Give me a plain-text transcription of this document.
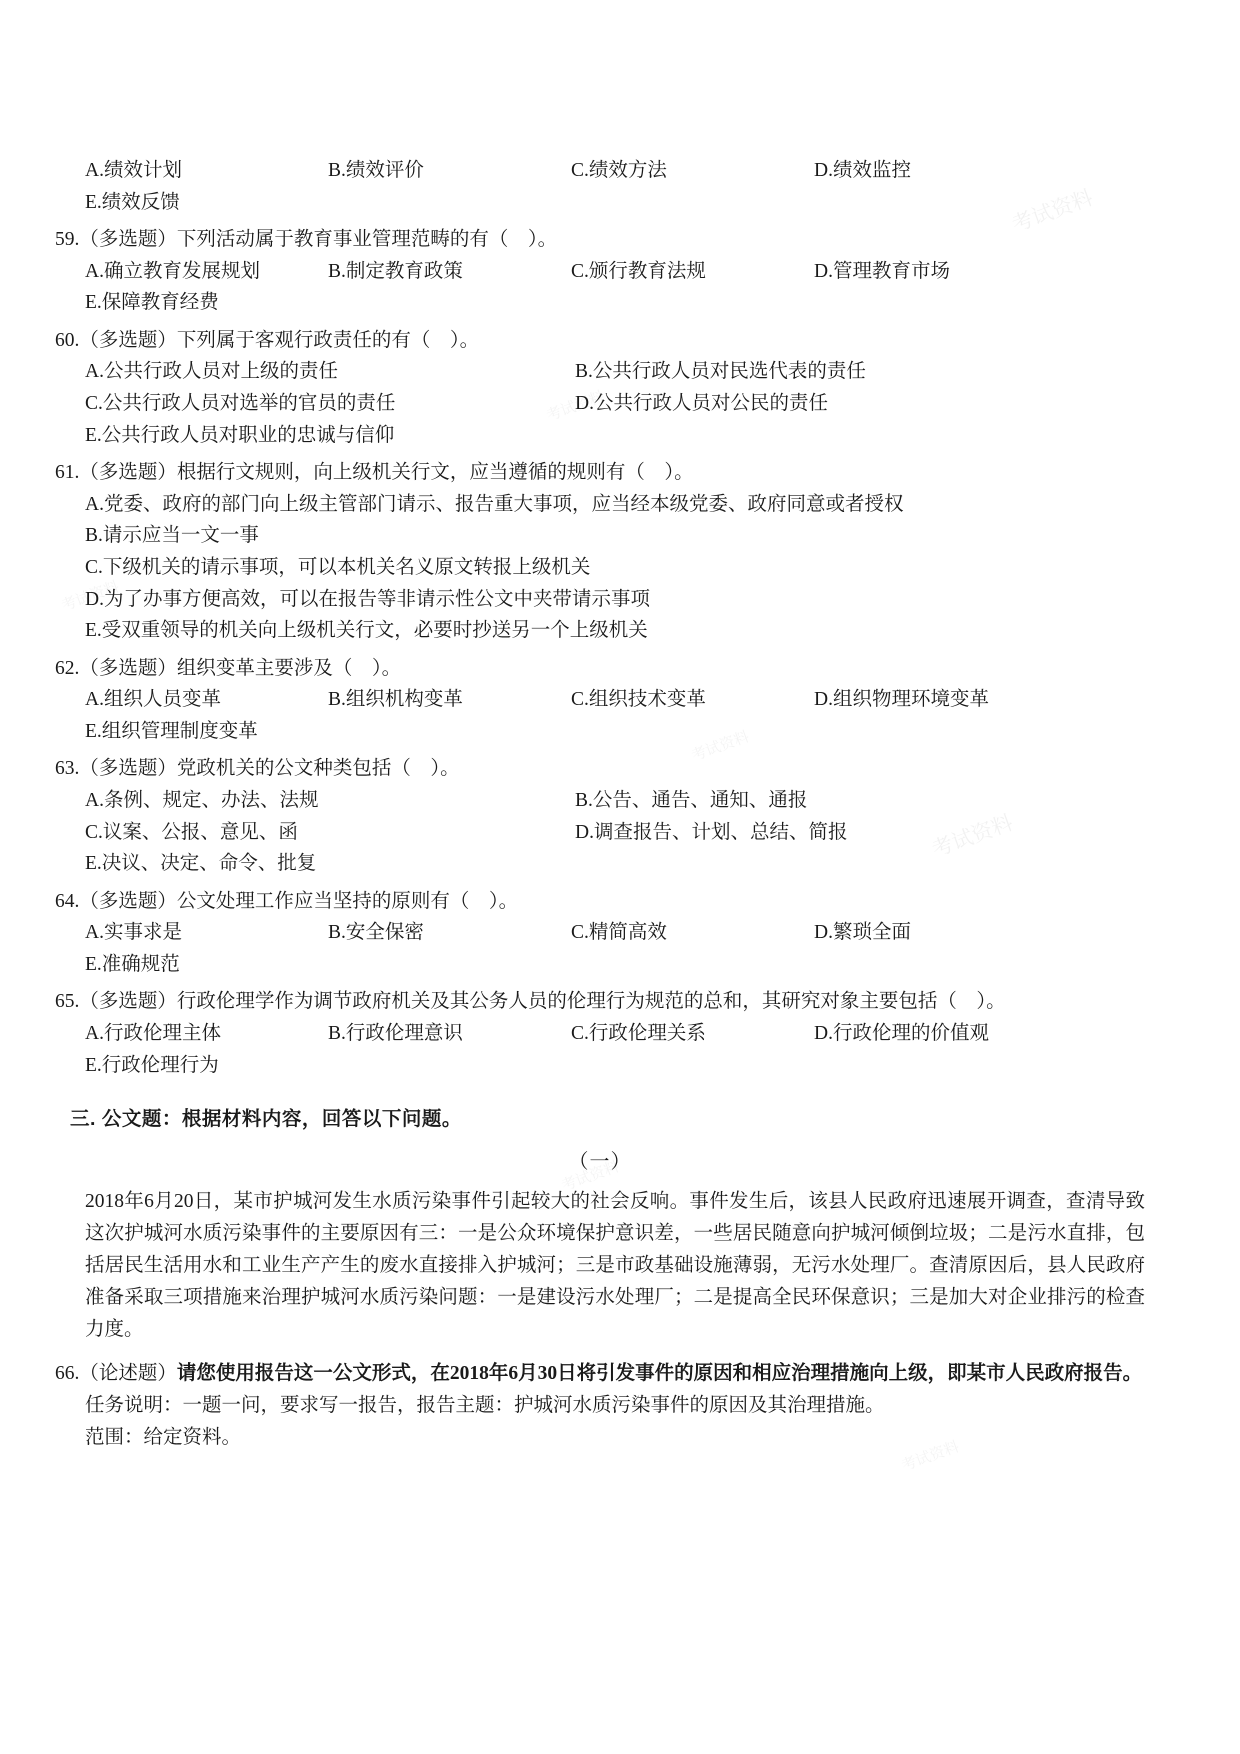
考试资料
考试资料
A.绩效计划	B.绩效评价	C.绩效方法	D.绩效监控
E.绩效反馈
59.（多选题）下列活动属于教育事业管理范畴的有（    ）。
A.确立教育发展规划	B.制定教育政策	C.颁行教育法规	D.管理教育市场
E.保障教育经费
60.（多选题）下列属于客观行政责任的有（    ）。
A.公共行政人员对上级的责任	B.公共行政人员对民选代表的责任
C.公共行政人员对选举的官员的责任	D.公共行政人员对公民的责任
E.公共行政人员对职业的忠诚与信仰
61.（多选题）根据行文规则，向上级机关行文，应当遵循的规则有（    ）。
A.党委、政府的部门向上级主管部门请示、报告重大事项，应当经本级党委、政府同意或者授权
B.请示应当一文一事
C.下级机关的请示事项，可以本机关名义原文转报上级机关
D.为了办事方便高效，可以在报告等非请示性公文中夹带请示事项
E.受双重领导的机关向上级机关行文，必要时抄送另一个上级机关
62.（多选题）组织变革主要涉及（    ）。
A.组织人员变革	B.组织机构变革	C.组织技术变革	D.组织物理环境变革
E.组织管理制度变革
63.（多选题）党政机关的公文种类包括（    ）。
A.条例、规定、办法、法规	B.公告、通告、通知、通报
C.议案、公报、意见、函	D.调查报告、计划、总结、简报
E.决议、决定、命令、批复
64.（多选题）公文处理工作应当坚持的原则有（    ）。
A.实事求是	B.安全保密	C.精简高效	D.繁琐全面
E.准确规范
65.（多选题）行政伦理学作为调节政府机关及其公务人员的伦理行为规范的总和，其研究对象主要包括（    ）。
A.行政伦理主体	B.行政伦理意识	C.行政伦理关系	D.行政伦理的价值观
E.行政伦理行为
三. 公文题：根据材料内容，回答以下问题。
（一）

2018年6月20日，某市护城河发生水质污染事件引起较大的社会反响。事件发生后，该县人民政府迅速展开调查，查清导致这次护城河水质污染事件的主要原因有三：一是公众环境保护意识差，一些居民随意向护城河倾倒垃圾；二是污水直排，包括居民生活用水和工业生产产生的废水直接排入护城河；三是市政基础设施薄弱，无污水处理厂。查清原因后，县人民政府准备采取三项措施来治理护城河水质污染问题：一是建设污水处理厂；二是提高全民环保意识；三是加大对企业排污的检查力度。

66.（论述题）请您使用报告这一公文形式，在2018年6月30日将引发事件的原因和相应治理措施向上级，即某市人民政府报告。
任务说明：一题一问，要求写一报告，报告主题：护城河水质污染事件的原因及其治理措施。
范围：给定资料。
